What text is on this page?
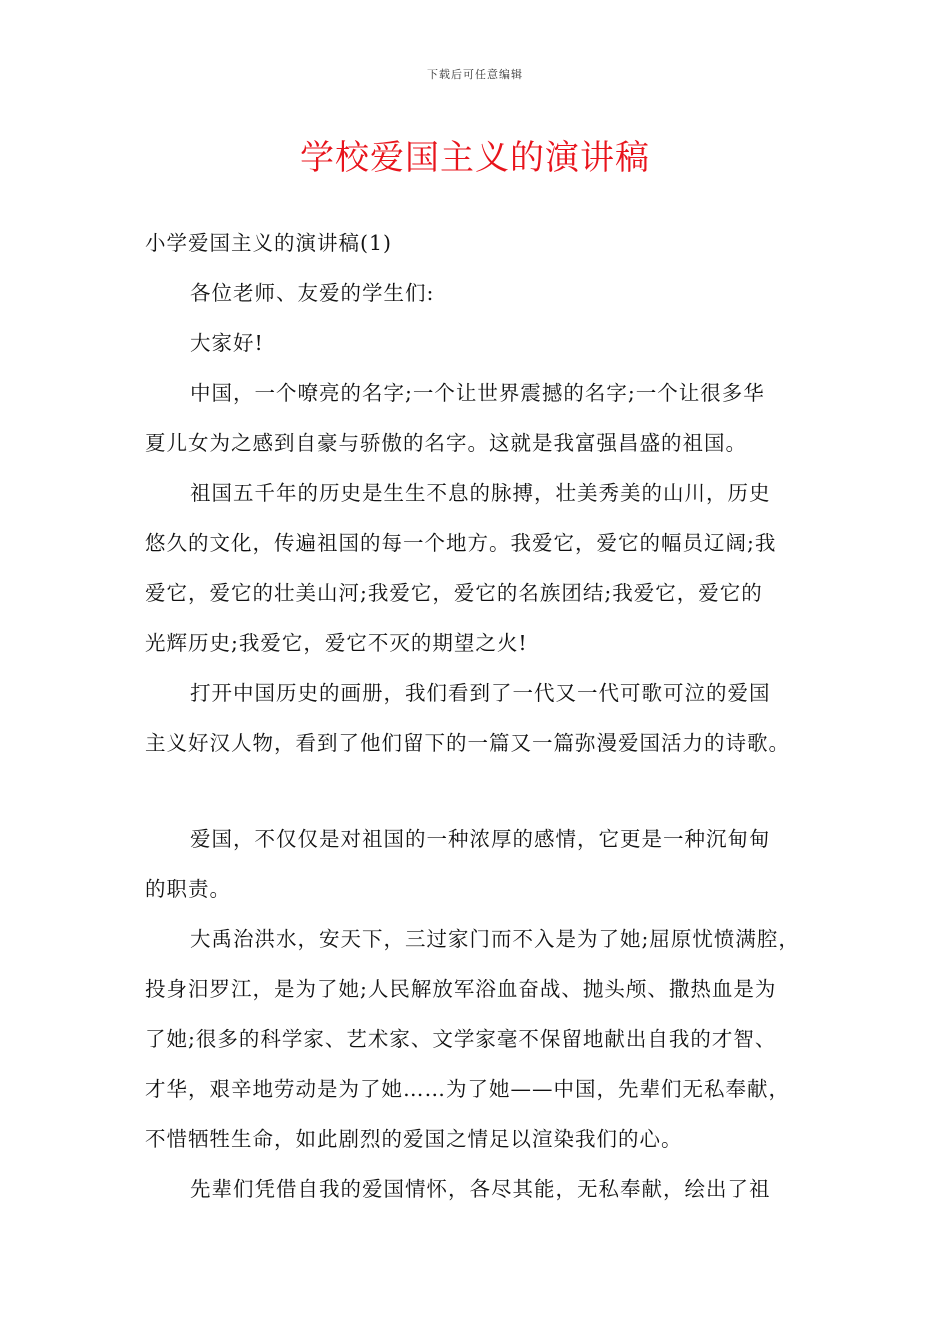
下载后可任意编辑
学校爱国主义的演讲稿
小学爱国主义的演讲稿(1)
各位老师、友爱的学生们:
大家好!
中国，一个嘹亮的名字;一个让世界震撼的名字;一个让很多华
夏儿女为之感到自豪与骄傲的名字。这就是我富强昌盛的祖国。
祖国五千年的历史是生生不息的脉搏，壮美秀美的山川，历史
悠久的文化，传遍祖国的每一个地方。我爱它，爱它的幅员辽阔;我
爱它，爱它的壮美山河;我爱它，爱它的名族团结;我爱它，爱它的
光辉历史;我爱它，爱它不灭的期望之火!
打开中国历史的画册，我们看到了一代又一代可歌可泣的爱国
主义好汉人物，看到了他们留下的一篇又一篇弥漫爱国活力的诗歌。
爱国，不仅仅是对祖国的一种浓厚的感情，它更是一种沉甸甸
的职责。
大禹治洪水，安天下，三过家门而不入是为了她;屈原忧愤满腔，
投身汨罗江，是为了她;人民解放军浴血奋战、抛头颅、撒热血是为
了她;很多的科学家、艺术家、文学家毫不保留地献出自我的才智、
才华，艰辛地劳动是为了她……为了她——中国，先辈们无私奉献，
不惜牺牲生命，如此剧烈的爱国之情足以渲染我们的心。
先辈们凭借自我的爱国情怀，各尽其能，无私奉献，绘出了祖
